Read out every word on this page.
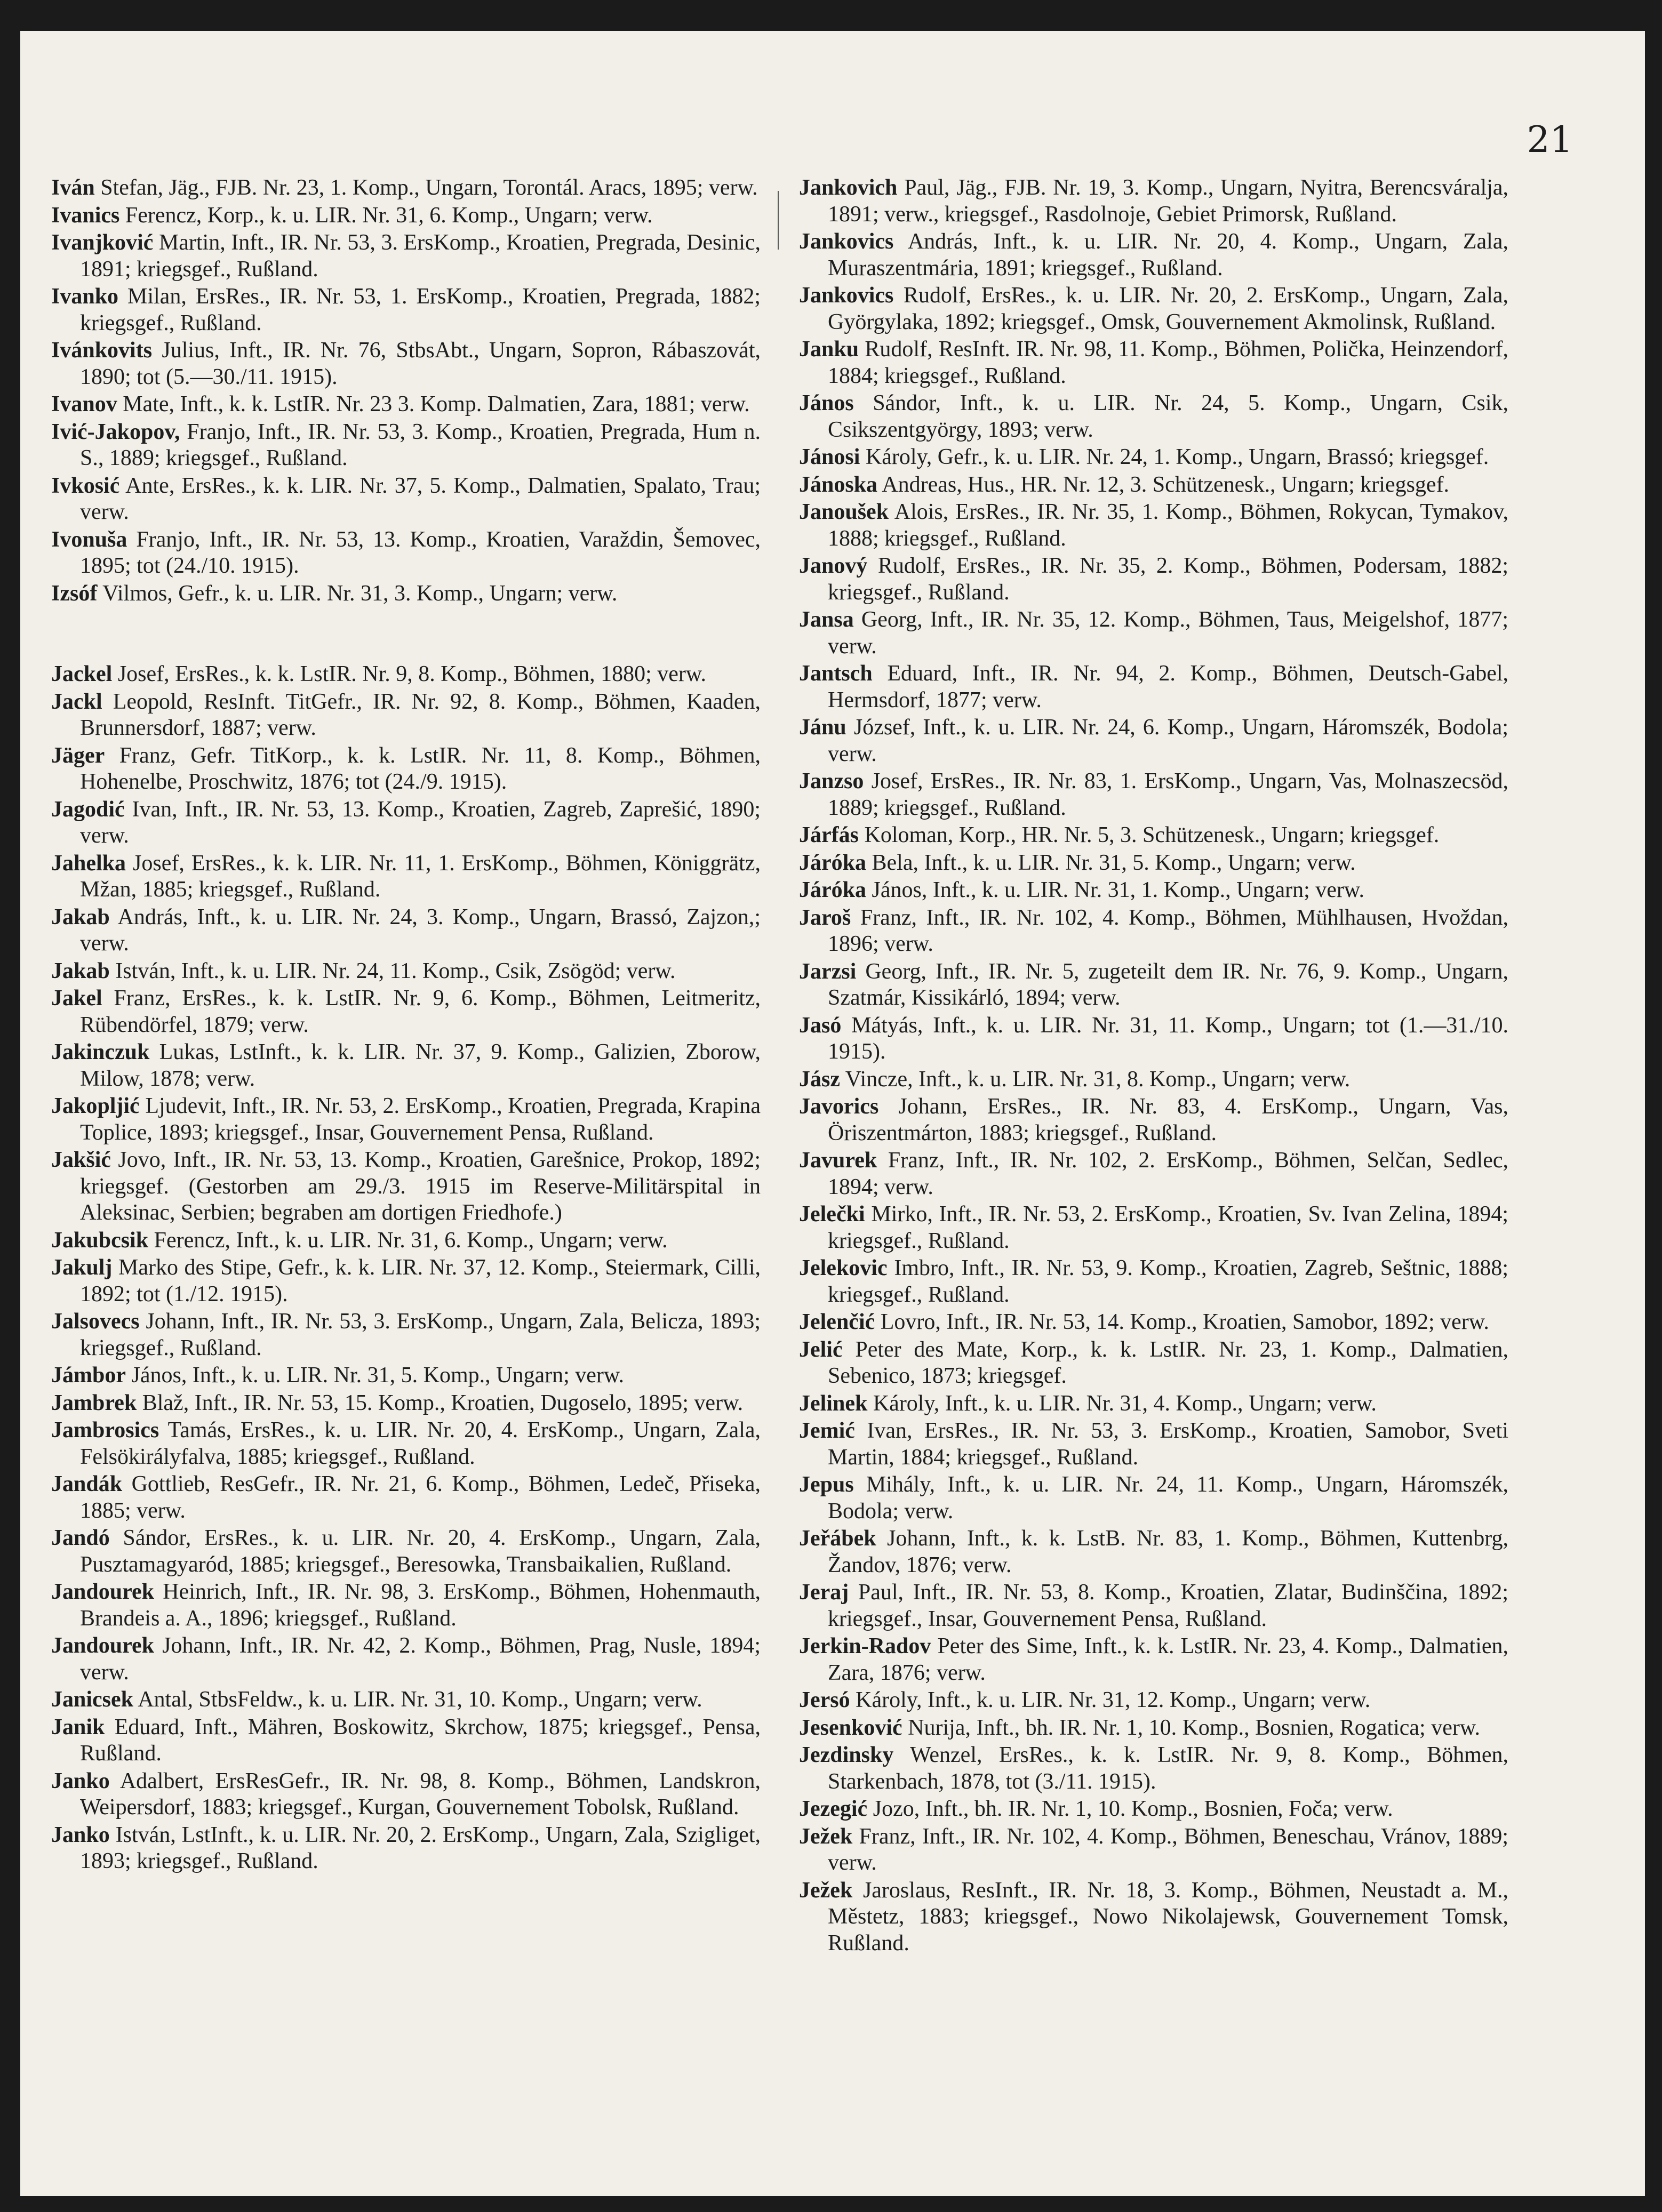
21

Iván Stefan, Jäg., FJB. Nr. 23, 1. Komp., Ungarn, Torontál. Aracs, 1895; verw.

Ivanics Ferencz, Korp., k. u. LIR. Nr. 31, 6. Komp., Ungarn; verw.

Ivanjković Martin, Inft., IR. Nr. 53, 3. ErsKomp., Kroatien, Pregrada, Desinic, 1891; kriegsgef., Rußland.

Ivanko Milan, ErsRes., IR. Nr. 53, 1. ErsKomp., Kroatien, Pregrada, 1882; kriegsgef., Rußland.

Ivánkovits Julius, Inft., IR. Nr. 76, StbsAbt., Ungarn, Sopron, Rábaszovát, 1890; tot (5.—30./11. 1915).

Ivanov Mate, Inft., k. k. LstIR. Nr. 23 3. Komp. Dalmatien, Zara, 1881; verw.

Ivić-Jakopov, Franjo, Inft., IR. Nr. 53, 3. Komp., Kroatien, Pregrada, Hum n. S., 1889; kriegsgef., Rußland.

Ivkosić Ante, ErsRes., k. k. LIR. Nr. 37, 5. Komp., Dalmatien, Spalato, Trau; verw.

Ivonuša Franjo, Inft., IR. Nr. 53, 13. Komp., Kroatien, Varaždin, Šemovec, 1895; tot (24./10. 1915).

Izsóf Vilmos, Gefr., k. u. LIR. Nr. 31, 3. Komp., Ungarn; verw.

Jackel Josef, ErsRes., k. k. LstIR. Nr. 9, 8. Komp., Böhmen, 1880; verw.

Jackl Leopold, ResInft. TitGefr., IR. Nr. 92, 8. Komp., Böhmen, Kaaden, Brunnersdorf, 1887; verw.

Jäger Franz, Gefr. TitKorp., k. k. LstIR. Nr. 11, 8. Komp., Böhmen, Hohenelbe, Proschwitz, 1876; tot (24./9. 1915).

Jagodić Ivan, Inft., IR. Nr. 53, 13. Komp., Kroatien, Zagreb, Zaprešić, 1890; verw.

Jahelka Josef, ErsRes., k. k. LIR. Nr. 11, 1. ErsKomp., Böhmen, Königgrätz, Mžan, 1885; kriegsgef., Rußland.

Jakab András, Inft., k. u. LIR. Nr. 24, 3. Komp., Ungarn, Brassó, Zajzon,; verw.

Jakab István, Inft., k. u. LIR. Nr. 24, 11. Komp., Csik, Zsögöd; verw.

Jakel Franz, ErsRes., k. k. LstIR. Nr. 9, 6. Komp., Böhmen, Leitmeritz, Rübendörfel, 1879; verw.

Jakinczuk Lukas, LstInft., k. k. LIR. Nr. 37, 9. Komp., Galizien, Zborow, Milow, 1878; verw.

Jakopljić Ljudevit, Inft., IR. Nr. 53, 2. ErsKomp., Kroatien, Pregrada, Krapina Toplice, 1893; kriegsgef., Insar, Gouvernement Pensa, Rußland.

Jakšić Jovo, Inft., IR. Nr. 53, 13. Komp., Kroatien, Garešnice, Prokop, 1892; kriegsgef. (Gestorben am 29./3. 1915 im Reserve-Militärspital in Aleksinac, Serbien; begraben am dortigen Friedhofe.)

Jakubcsik Ferencz, Inft., k. u. LIR. Nr. 31, 6. Komp., Ungarn; verw.

Jakulj Marko des Stipe, Gefr., k. k. LIR. Nr. 37, 12. Komp., Steiermark, Cilli, 1892; tot (1./12. 1915).

Jalsovecs Johann, Inft., IR. Nr. 53, 3. ErsKomp., Ungarn, Zala, Belicza, 1893; kriegsgef., Rußland.

Jámbor János, Inft., k. u. LIR. Nr. 31, 5. Komp., Ungarn; verw.

Jambrek Blaž, Inft., IR. Nr. 53, 15. Komp., Kroatien, Dugoselo, 1895; verw.

Jambrosics Tamás, ErsRes., k. u. LIR. Nr. 20, 4. ErsKomp., Ungarn, Zala, Felsökirályfalva, 1885; kriegsgef., Rußland.

Jandák Gottlieb, ResGefr., IR. Nr. 21, 6. Komp., Böhmen, Ledeč, Přiseka, 1885; verw.

Jandó Sándor, ErsRes., k. u. LIR. Nr. 20, 4. ErsKomp., Ungarn, Zala, Pusztamagyaród, 1885; kriegsgef., Beresowka, Transbaikalien, Rußland.

Jandourek Heinrich, Inft., IR. Nr. 98, 3. ErsKomp., Böhmen, Hohenmauth, Brandeis a. A., 1896; kriegsgef., Rußland.

Jandourek Johann, Inft., IR. Nr. 42, 2. Komp., Böhmen, Prag, Nusle, 1894; verw.

Janicsek Antal, StbsFeldw., k. u. LIR. Nr. 31, 10. Komp., Ungarn; verw.

Janik Eduard, Inft., Mähren, Boskowitz, Skrchow, 1875; kriegsgef., Pensa, Rußland.

Janko Adalbert, ErsResGefr., IR. Nr. 98, 8. Komp., Böhmen, Landskron, Weipersdorf, 1883; kriegsgef., Kurgan, Gouvernement Tobolsk, Rußland.

Janko István, LstInft., k. u. LIR. Nr. 20, 2. ErsKomp., Ungarn, Zala, Szigliget, 1893; kriegsgef., Rußland.

Jankovich Paul, Jäg., FJB. Nr. 19, 3. Komp., Ungarn, Nyitra, Berencsváralja, 1891; verw., kriegsgef., Rasdolnoje, Gebiet Primorsk, Rußland.

Jankovics András, Inft., k. u. LIR. Nr. 20, 4. Komp., Ungarn, Zala, Muraszentmária, 1891; kriegsgef., Rußland.

Jankovics Rudolf, ErsRes., k. u. LIR. Nr. 20, 2. ErsKomp., Ungarn, Zala, Györgylaka, 1892; kriegsgef., Omsk, Gouvernement Akmolinsk, Rußland.

Janku Rudolf, ResInft. IR. Nr. 98, 11. Komp., Böhmen, Polička, Heinzendorf, 1884; kriegsgef., Rußland.

János Sándor, Inft., k. u. LIR. Nr. 24, 5. Komp., Ungarn, Csik, Csikszentgyörgy, 1893; verw.

Jánosi Károly, Gefr., k. u. LIR. Nr. 24, 1. Komp., Ungarn, Brassó; kriegsgef.

Jánoska Andreas, Hus., HR. Nr. 12, 3. Schützenesk., Ungarn; kriegsgef.

Janoušek Alois, ErsRes., IR. Nr. 35, 1. Komp., Böhmen, Rokycan, Tymakov, 1888; kriegsgef., Rußland.

Janový Rudolf, ErsRes., IR. Nr. 35, 2. Komp., Böhmen, Podersam, 1882; kriegsgef., Rußland.

Jansa Georg, Inft., IR. Nr. 35, 12. Komp., Böhmen, Taus, Meigelshof, 1877; verw.

Jantsch Eduard, Inft., IR. Nr. 94, 2. Komp., Böhmen, Deutsch-Gabel, Hermsdorf, 1877; verw.

Jánu József, Inft., k. u. LIR. Nr. 24, 6. Komp., Ungarn, Háromszék, Bodola; verw.

Janzso Josef, ErsRes., IR. Nr. 83, 1. ErsKomp., Ungarn, Vas, Molnaszecsöd, 1889; kriegsgef., Rußland.

Járfás Koloman, Korp., HR. Nr. 5, 3. Schützenesk., Ungarn; kriegsgef.

Járóka Bela, Inft., k. u. LIR. Nr. 31, 5. Komp., Ungarn; verw.

Járóka János, Inft., k. u. LIR. Nr. 31, 1. Komp., Ungarn; verw.

Jaroš Franz, Inft., IR. Nr. 102, 4. Komp., Böhmen, Mühlhausen, Hvoždan, 1896; verw.

Jarzsi Georg, Inft., IR. Nr. 5, zugeteilt dem IR. Nr. 76, 9. Komp., Ungarn, Szatmár, Kissikárló, 1894; verw.

Jasó Mátyás, Inft., k. u. LIR. Nr. 31, 11. Komp., Ungarn; tot (1.—31./10. 1915).

Jász Vincze, Inft., k. u. LIR. Nr. 31, 8. Komp., Ungarn; verw.

Javorics Johann, ErsRes., IR. Nr. 83, 4. ErsKomp., Ungarn, Vas, Öriszentmárton, 1883; kriegsgef., Rußland.

Javurek Franz, Inft., IR. Nr. 102, 2. ErsKomp., Böhmen, Selčan, Sedlec, 1894; verw.

Jelečki Mirko, Inft., IR. Nr. 53, 2. ErsKomp., Kroatien, Sv. Ivan Zelina, 1894; kriegsgef., Rußland.

Jelekovic Imbro, Inft., IR. Nr. 53, 9. Komp., Kroatien, Zagreb, Seštnic, 1888; kriegsgef., Rußland.

Jelenčić Lovro, Inft., IR. Nr. 53, 14. Komp., Kroatien, Samobor, 1892; verw.

Jelić Peter des Mate, Korp., k. k. LstIR. Nr. 23, 1. Komp., Dalmatien, Sebenico, 1873; kriegsgef.

Jelinek Károly, Inft., k. u. LIR. Nr. 31, 4. Komp., Ungarn; verw.

Jemić Ivan, ErsRes., IR. Nr. 53, 3. ErsKomp., Kroatien, Samobor, Sveti Martin, 1884; kriegsgef., Rußland.

Jepus Mihály, Inft., k. u. LIR. Nr. 24, 11. Komp., Ungarn, Háromszék, Bodola; verw.

Jeřábek Johann, Inft., k. k. LstB. Nr. 83, 1. Komp., Böhmen, Kuttenbrg, Žandov, 1876; verw.

Jeraj Paul, Inft., IR. Nr. 53, 8. Komp., Kroatien, Zlatar, Budinščina, 1892; kriegsgef., Insar, Gouvernement Pensa, Rußland.

Jerkin-Radov Peter des Sime, Inft., k. k. LstIR. Nr. 23, 4. Komp., Dalmatien, Zara, 1876; verw.

Jersó Károly, Inft., k. u. LIR. Nr. 31, 12. Komp., Ungarn; verw.

Jesenković Nurija, Inft., bh. IR. Nr. 1, 10. Komp., Bosnien, Rogatica; verw.

Jezdinsky Wenzel, ErsRes., k. k. LstIR. Nr. 9, 8. Komp., Böhmen, Starkenbach, 1878, tot (3./11. 1915).

Jezegić Jozo, Inft., bh. IR. Nr. 1, 10. Komp., Bosnien, Foča; verw.

Ježek Franz, Inft., IR. Nr. 102, 4. Komp., Böhmen, Beneschau, Vránov, 1889; verw.

Ježek Jaroslaus, ResInft., IR. Nr. 18, 3. Komp., Böhmen, Neustadt a. M., Městetz, 1883; kriegsgef., Nowo Nikolajewsk, Gouvernement Tomsk, Rußland.
